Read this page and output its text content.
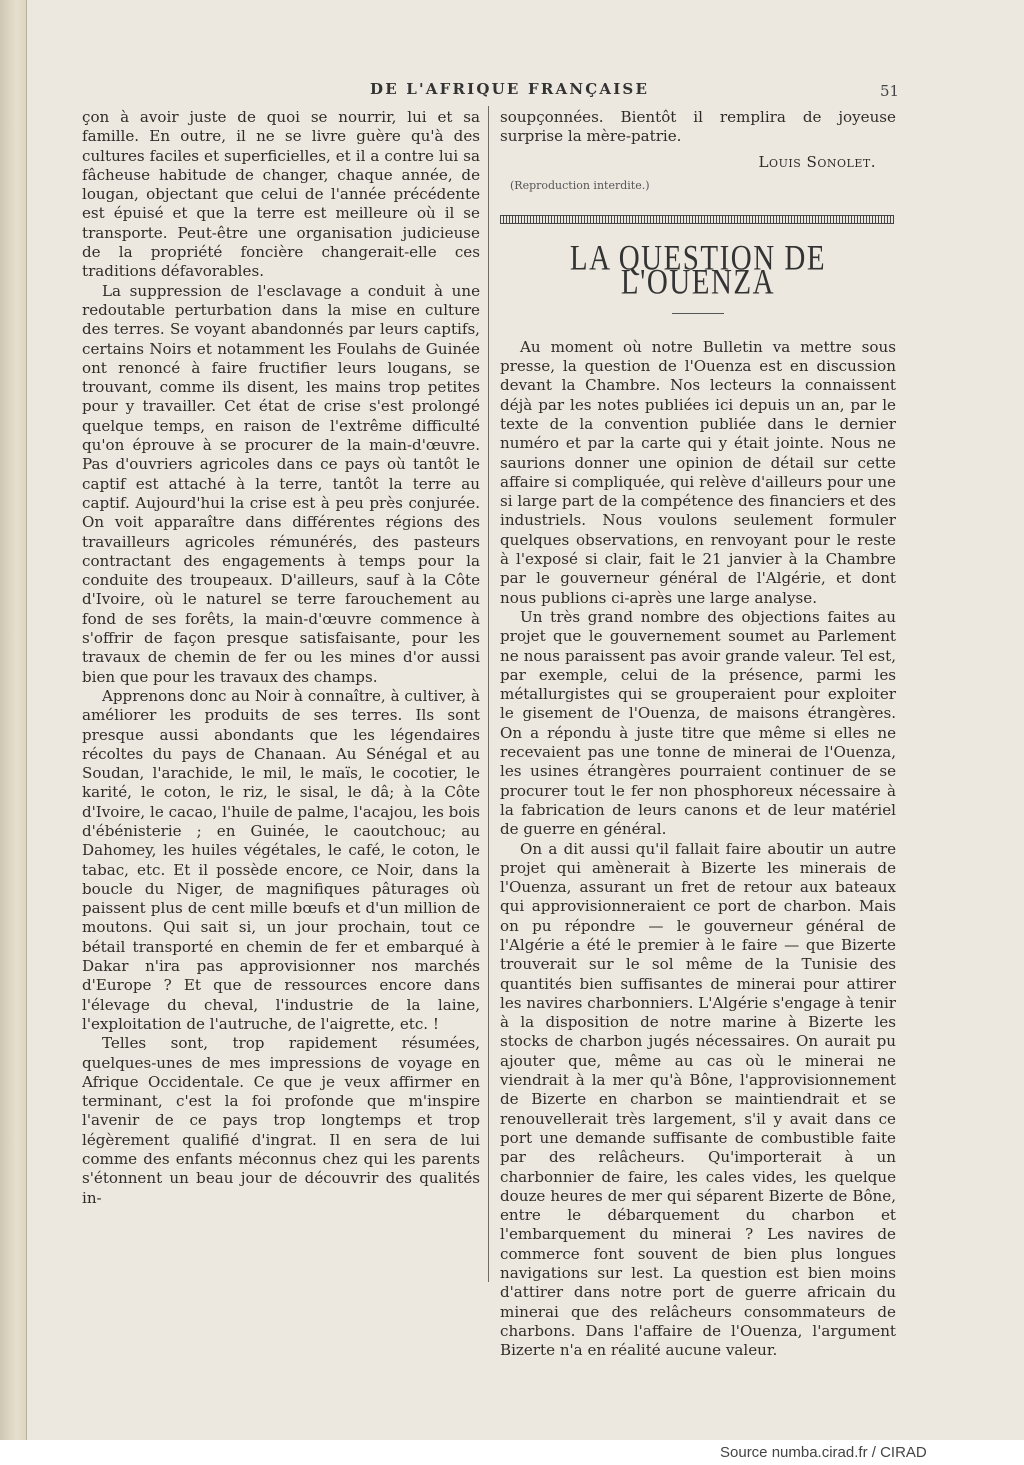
DE L'AFRIQUE FRANÇAISE	51

çon à avoir juste de quoi se nourrir, lui et sa famille. En outre, il ne se livre guère qu'à des cultures faciles et superficielles, et il a contre lui sa fâcheuse habitude de changer, chaque année, de lougan, objectant que celui de l'année précédente est épuisé et que la terre est meilleure où il se transporte. Peut-être une organisation judicieuse de la propriété foncière changerait-elle ces traditions défavorables.

La suppression de l'esclavage a conduit à une redoutable perturbation dans la mise en culture des terres. Se voyant abandonnés par leurs captifs, certains Noirs et notamment les Foulahs de Guinée ont renoncé à faire fructifier leurs lougans, se trouvant, comme ils disent, les mains trop petites pour y travailler. Cet état de crise s'est prolongé quelque temps, en raison de l'extrême difficulté qu'on éprouve à se procurer de la main-d'œuvre. Pas d'ouvriers agricoles dans ce pays où tantôt le captif est attaché à la terre, tantôt la terre au captif. Aujourd'hui la crise est à peu près conjurée. On voit apparaître dans différentes régions des travailleurs agricoles rémunérés, des pasteurs contractant des engagements à temps pour la conduite des troupeaux. D'ailleurs, sauf à la Côte d'Ivoire, où le naturel se terre farouchement au fond de ses forêts, la main-d'œuvre commence à s'offrir de façon presque satisfaisante, pour les travaux de chemin de fer ou les mines d'or aussi bien que pour les travaux des champs.

Apprenons donc au Noir à connaître, à cultiver, à améliorer les produits de ses terres. Ils sont presque aussi abondants que les légendaires récoltes du pays de Chanaan. Au Sénégal et au Soudan, l'arachide, le mil, le maïs, le cocotier, le karité, le coton, le riz, le sisal, le dâ; à la Côte d'Ivoire, le cacao, l'huile de palme, l'acajou, les bois d'ébénisterie ; en Guinée, le caoutchouc; au Dahomey, les huiles végétales, le café, le coton, le tabac, etc. Et il possède encore, ce Noir, dans la boucle du Niger, de magnifiques pâturages où paissent plus de cent mille bœufs et d'un million de moutons. Qui sait si, un jour prochain, tout ce bétail transporté en chemin de fer et embarqué à Dakar n'ira pas approvisionner nos marchés d'Europe ? Et que de ressources encore dans l'élevage du cheval, l'industrie de la laine, l'exploitation de l'autruche, de l'aigrette, etc. !

Telles sont, trop rapidement résumées, quelques-unes de mes impressions de voyage en Afrique Occidentale. Ce que je veux affirmer en terminant, c'est la foi profonde que m'inspire l'avenir de ce pays trop longtemps et trop légèrement qualifié d'ingrat. Il en sera de lui comme des enfants méconnus chez qui les parents s'étonnent un beau jour de découvrir des qualités in-

soupçonnées. Bientôt il remplira de joyeuse surprise la mère-patrie.

Louis Sonolet.
(Reproduction interdite.)
LA QUESTION DE L'OUENZA

Au moment où notre Bulletin va mettre sous presse, la question de l'Ouenza est en discussion devant la Chambre. Nos lecteurs la connaissent déjà par les notes publiées ici depuis un an, par le texte de la convention publiée dans le dernier numéro et par la carte qui y était jointe. Nous ne saurions donner une opinion de détail sur cette affaire si compliquée, qui relève d'ailleurs pour une si large part de la compétence des financiers et des industriels. Nous voulons seulement formuler quelques observations, en renvoyant pour le reste à l'exposé si clair, fait le 21 janvier à la Chambre par le gouverneur général de l'Algérie, et dont nous publions ci-après une large analyse.

Un très grand nombre des objections faites au projet que le gouvernement soumet au Parlement ne nous paraissent pas avoir grande valeur. Tel est, par exemple, celui de la présence, parmi les métallurgistes qui se grouperaient pour exploiter le gisement de l'Ouenza, de maisons étrangères. On a répondu à juste titre que même si elles ne recevaient pas une tonne de minerai de l'Ouenza, les usines étrangères pourraient continuer de se procurer tout le fer non phosphoreux nécessaire à la fabrication de leurs canons et de leur matériel de guerre en général.

On a dit aussi qu'il fallait faire aboutir un autre projet qui amènerait à Bizerte les minerais de l'Ouenza, assurant un fret de retour aux bateaux qui approvisionneraient ce port de charbon. Mais on pu répondre — le gouverneur général de l'Algérie a été le premier à le faire — que Bizerte trouverait sur le sol même de la Tunisie des quantités bien suffisantes de minerai pour attirer les navires charbonniers. L'Algérie s'engage à tenir à la disposition de notre marine à Bizerte les stocks de charbon jugés nécessaires. On aurait pu ajouter que, même au cas où le minerai ne viendrait à la mer qu'à Bône, l'approvisionnement de Bizerte en charbon se maintiendrait et se renouvellerait très largement, s'il y avait dans ce port une demande suffisante de combustible faite par des relâcheurs. Qu'importerait à un charbonnier de faire, les cales vides, les quelque douze heures de mer qui séparent Bizerte de Bône, entre le débarquement du charbon et l'embarquement du minerai ? Les navires de commerce font souvent de bien plus longues navigations sur lest. La question est bien moins d'attirer dans notre port de guerre africain du minerai que des relâcheurs consommateurs de charbons. Dans l'affaire de l'Ouenza, l'argument Bizerte n'a en réalité aucune valeur.

Source numba.cirad.fr / CIRAD
